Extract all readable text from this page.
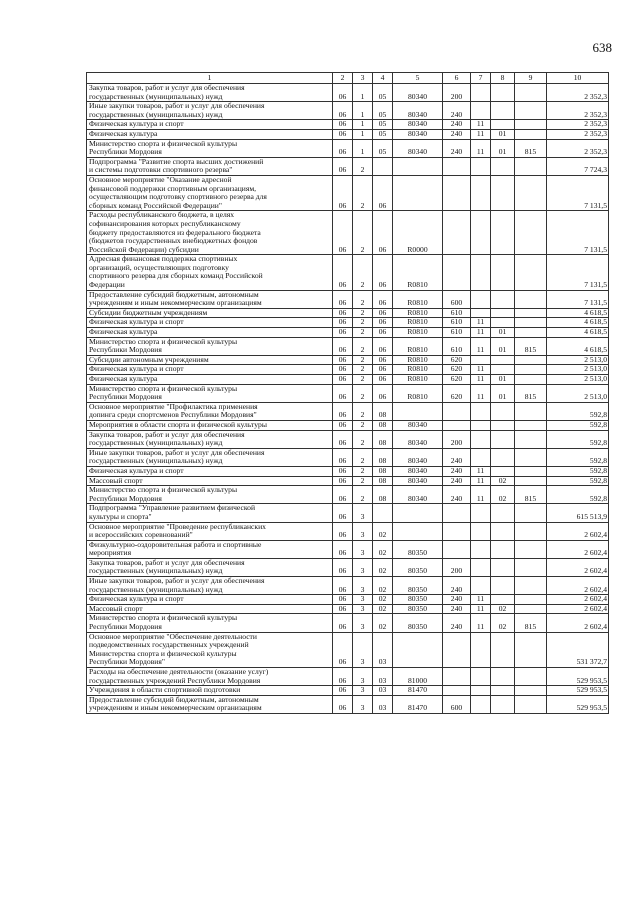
638
1	2	3	4	5	6	7	8	9	10
Закупка товаров, работ и услуг для обеспечения
государственных (муниципальных) нужд	06	1	05	80340	200				2 352,3
Иные закупки товаров, работ и услуг для обеспечения
государственных (муниципальных) нужд	06	1	05	80340	240				2 352,3
Физическая культура и спорт	06	1	05	80340	240	11			2 352,3
Физическая культура	06	1	05	80340	240	11	01		2 352,3
Министерство спорта и физической культуры
Республики Мордовия	06	1	05	80340	240	11	01	815	2 352,3
Подпрограмма "Развитие спорта высших достижений
и системы подготовки спортивного резерва"	06	2							7 724,3
Основное мероприятие "Оказание адресной
финансовой поддержки спортивным организациям,
осуществляющим подготовку спортивного резерва для
сборных команд Российской Федерации"	06	2	06						7 131,5
Расходы республиканского бюджета, в целях
софинансирования которых республиканскому
бюджету предоставляются из федерального бюджета
(бюджетов государственных внебюджетных фондов
Российской Федерации) субсидии	06	2	06	R0000					7 131,5
Адресная финансовая поддержка спортивных
организаций, осуществляющих подготовку
спортивного резерва для сборных команд Российской
Федерации	06	2	06	R0810					7 131,5
Предоставление субсидий бюджетным, автономным
учреждениям и иным некоммерческим организациям	06	2	06	R0810	600				7 131,5
Субсидии бюджетным учреждениям	06	2	06	R0810	610				4 618,5
Физическая культура и спорт	06	2	06	R0810	610	11			4 618,5
Физическая культура	06	2	06	R0810	610	11	01		4 618,5
Министерство спорта и физической культуры
Республики Мордовия	06	2	06	R0810	610	11	01	815	4 618,5
Субсидии автономным учреждениям	06	2	06	R0810	620				2 513,0
Физическая культура и спорт	06	2	06	R0810	620	11			2 513,0
Физическая культура	06	2	06	R0810	620	11	01		2 513,0
Министерство спорта и физической культуры
Республики Мордовия	06	2	06	R0810	620	11	01	815	2 513,0
Основное мероприятие "Профилактика применения
допинга среди спортсменов Республики Мордовия"	06	2	08						592,8
Мероприятия в области спорта и физической культуры	06	2	08	80340					592,8
Закупка товаров, работ и услуг для обеспечения
государственных (муниципальных) нужд	06	2	08	80340	200				592,8
Иные закупки товаров, работ и услуг для обеспечения
государственных (муниципальных) нужд	06	2	08	80340	240				592,8
Физическая культура и спорт	06	2	08	80340	240	11			592,8
Массовый спорт	06	2	08	80340	240	11	02		592,8
Министерство спорта и физической культуры
Республики Мордовия	06	2	08	80340	240	11	02	815	592,8
Подпрограмма "Управление развитием физической
культуры и спорта"	06	3							615 513,9
Основное мероприятие "Проведение республиканских
и всероссийских соревнований"	06	3	02						2 602,4
Физкультурно-оздоровительная работа и спортивные
мероприятия	06	3	02	80350					2 602,4
Закупка товаров, работ и услуг для обеспечения
государственных (муниципальных) нужд	06	3	02	80350	200				2 602,4
Иные закупки товаров, работ и услуг для обеспечения
государственных (муниципальных) нужд	06	3	02	80350	240				2 602,4
Физическая культура и спорт	06	3	02	80350	240	11			2 602,4
Массовый спорт	06	3	02	80350	240	11	02		2 602,4
Министерство спорта и физической культуры
Республики Мордовия	06	3	02	80350	240	11	02	815	2 602,4
Основное мероприятие "Обеспечение деятельности
подведомственных государственных учреждений
Министерства спорта и физической культуры
Республики Мордовия"	06	3	03						531 372,7
Расходы на обеспечение деятельности (оказание услуг)
государственных учреждений Республики Мордовия	06	3	03	81000					529 953,5
Учреждения в области спортивной подготовки	06	3	03	81470					529 953,5
Предоставление субсидий бюджетным, автономным
учреждениям и иным некоммерческим организациям	06	3	03	81470	600				529 953,5
